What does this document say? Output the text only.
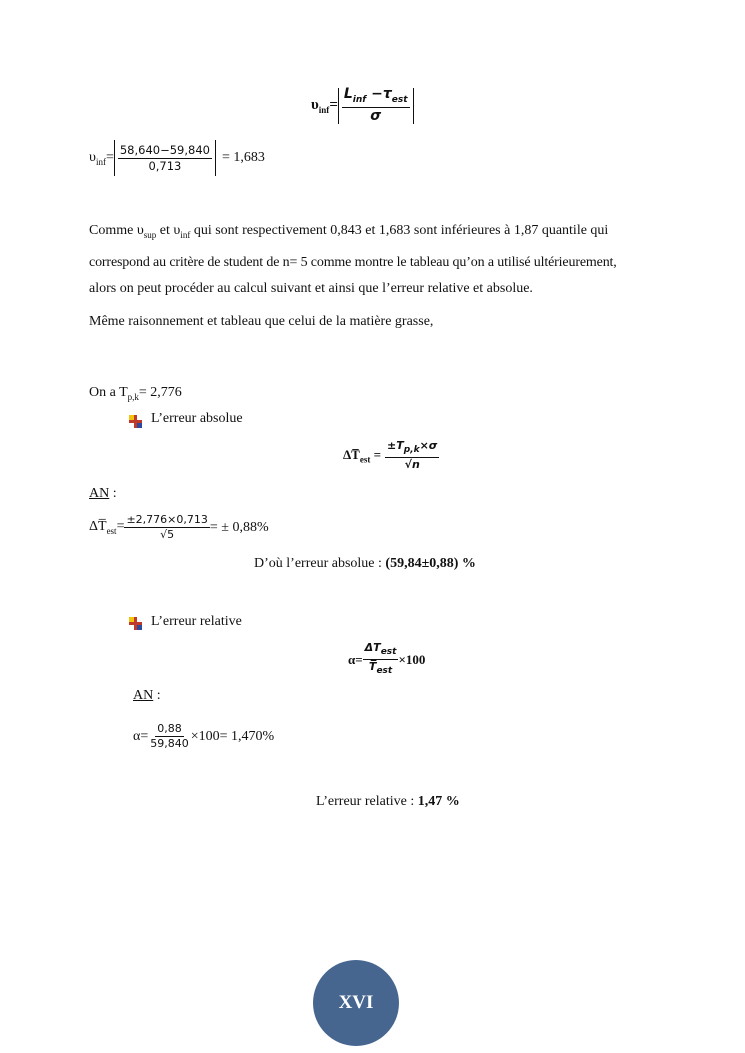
$\upsilon_{inf}= \frac{L_{inf} -\tau_{est}}{\sigma}$
$\upsilon_{inf}= \frac{58,640-59,840}{0,713} = 1,683$
Comme $\upsilon_{sup}$ et $\upsilon_{inf}$ qui sont respectivement 0,843 et 1,683 sont inférieures à 1,87 quantile qui
correspond au critère de student de n= 5 comme montre le tableau qu’on a utilisé ultérieurement,
alors on peut procéder au calcul suivant et ainsi que l’erreur relative et absolue.
Même raisonnement et tableau que celui de la matière grasse,
On a $T_{p,k}= 2,776$
L’erreur absolue
$\Delta T̅_{est} = \frac{\pm T_{p,k}\times\sigma}{√n}$
AN :
$\Delta T̅_{est}= \frac{\pm 2,776\times 0,713}{√5}$ = ± 0,88%
D’où l’erreur absolue : (59,84±0,88) %
L’erreur relative
$\alpha= \frac{\Delta T_{est}}{T̅_{est}} \times 100$
AN :
$\alpha= \frac{0,88}{59,840} \times 100= 1,470\%$
L’erreur relative : 1,47 %
XVI
